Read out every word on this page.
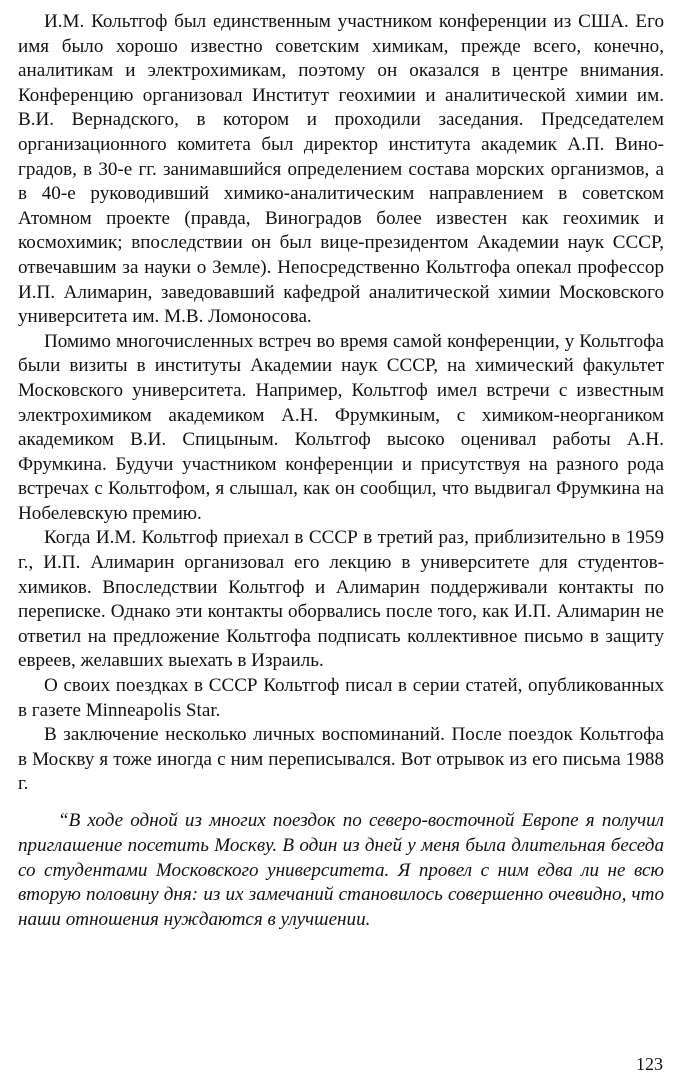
И.М. Кольтгоф был единственным участником конференции из США. Его имя было хорошо известно советским химикам, прежде всего, конечно, аналитикам и электрохимикам, поэтому он оказался в центре внимания. Конференцию организовал Институт геохимии и аналитической химии им. В.И. Вернадского, в котором и проходили заседания. Председателем организационного комитета был директор института академик А.П. Виноградов, в 30-е гг. занимавшийся определением состава морских организмов, а в 40-е руководивший химико-аналитическим направлением в советском Атомном проекте (правда, Виноградов более известен как геохимик и космохимик; впоследствии он был вице-президентом Академии наук СССР, отвечавшим за науки о Земле). Непосредственно Кольтгофа опекал профессор И.П. Алимарин, заведовавший кафедрой аналитической химии Московского университета им. М.В. Ломоносова.

Помимо многочисленных встреч во время самой конференции, у Кольтгофа были визиты в институты Академии наук СССР, на химический факультет Московского университета. Например, Кольтгоф имел встречи с известным электрохимиком академиком А.Н. Фрумкиным, с химиком-неоргаником академиком В.И. Спицыным. Кольтгоф высоко оценивал работы А.Н. Фрумкина. Будучи участником конференции и присутствуя на разного рода встречах с Кольтгофом, я слышал, как он сообщил, что выдвигал Фрумкина на Нобелевскую премию.

Когда И.М. Кольтгоф приехал в СССР в третий раз, приблизительно в 1959 г., И.П. Алимарин организовал его лекцию в университете для студентов-химиков. Впоследствии Кольтгоф и Алимарин поддерживали контакты по переписке. Однако эти контакты оборвались после того, как И.П. Алимарин не ответил на предложение Кольтгофа подписать коллективное письмо в защиту евреев, желавших выехать в Израиль.

О своих поездках в СССР Кольтгоф писал в серии статей, опубликованных в газете Minneapolis Star.

В заключение несколько личных воспоминаний. После поездок Кольтгофа в Москву я тоже иногда с ним переписывался. Вот отрывок из его письма 1988 г.

“В ходе одной из многих поездок по северо-восточной Европе я получил приглашение посетить Москву. В один из дней у меня была длительная беседа со студентами Московского университета. Я провел с ним едва ли не всю вторую половину дня: из их замечаний становилось совершенно очевидно, что наши отношения нуждаются в улучшении.

123
